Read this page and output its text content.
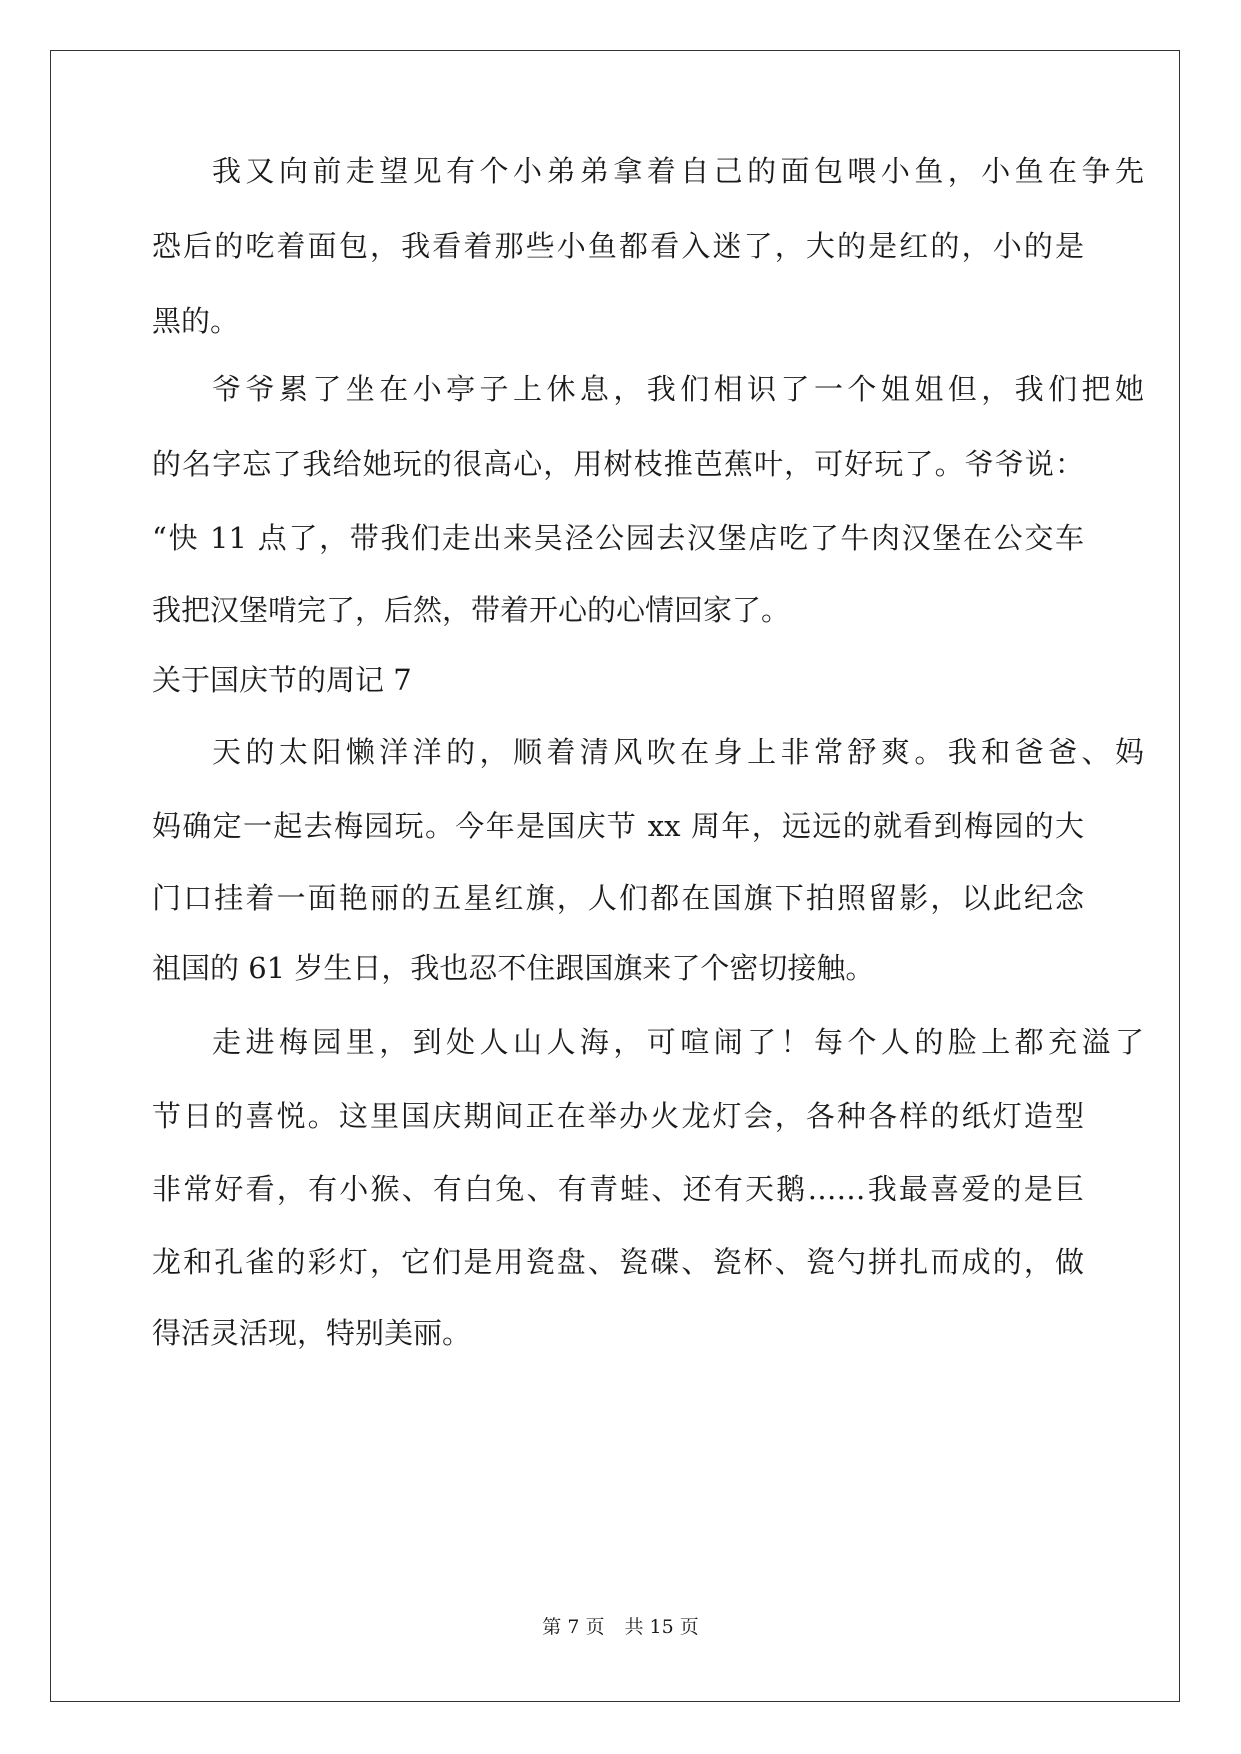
我又向前走望见有个小弟弟拿着自己的面包喂小鱼，小鱼在争先
恐后的吃着面包，我看着那些小鱼都看入迷了，大的是红的，小的是
黑的。
爷爷累了坐在小亭子上休息，我们相识了一个姐姐但，我们把她
的名字忘了我给她玩的很高心，用树枝推芭蕉叶，可好玩了。爷爷说：
“快 11 点了，带我们走出来吴泾公园去汉堡店吃了牛肉汉堡在公交车
我把汉堡啃完了，后然，带着开心的心情回家了。
关于国庆节的周记 7
天的太阳懒洋洋的，顺着清风吹在身上非常舒爽。我和爸爸、妈
妈确定一起去梅园玩。今年是国庆节 xx 周年，远远的就看到梅园的大
门口挂着一面艳丽的五星红旗，人们都在国旗下拍照留影，以此纪念
祖国的 61 岁生日，我也忍不住跟国旗来了个密切接触。
走进梅园里，到处人山人海，可喧闹了！每个人的脸上都充溢了
节日的喜悦。这里国庆期间正在举办火龙灯会，各种各样的纸灯造型
非常好看，有小猴、有白兔、有青蛙、还有天鹅……我最喜爱的是巨
龙和孔雀的彩灯，它们是用瓷盘、瓷碟、瓷杯、瓷勺拼扎而成的，做
得活灵活现，特别美丽。
第 7 页 共 15 页
